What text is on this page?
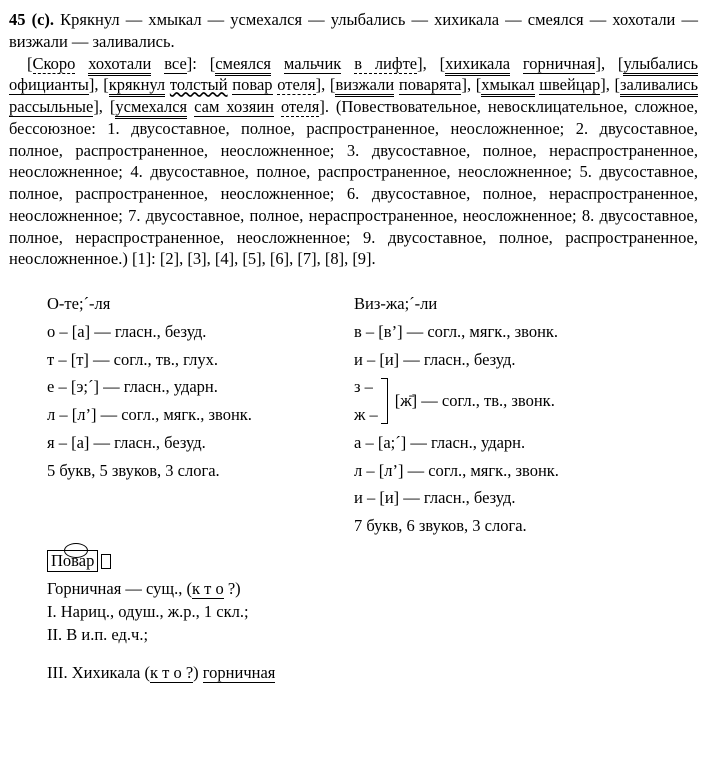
45 (с). Крякнул — хмыкал — усмехался — улыбались — хихикала — смеялся — хохотали — визжали — заливались.

[Скоро хохотали все]: [смеялся мальчик в лифте], [хихикала горничная], [улыбались официанты], [крякнул толстый повар отеля], [визжали поварята], [хмыкал швейцар], [заливались рассыльные], [усмехался сам хозяин отеля]. (Повествовательное, невосклицательное, сложное, бессоюзное: 1. двусоставное, полное, распространенное, неосложненное; 2. двусоставное, полное, распространенное, неосложненное; 3. двусоставное, полное, нераспространенное, неосложненное; 4. двусоставное, полное, распространенное, неосложненное; 5. двусоставное, полное, распространенное, неосложненное; 6. двусоставное, полное, нераспространенное, неосложненное; 7. двусоставное, полное, нераспространенное, неосложненное; 8. двусоставное, полное, нераспространенное, неосложненное; 9. двусоставное, полное, распространенное, неосложненное.) [1]: [2], [3], [4], [5], [6], [7], [8], [9].

О-те;´-ля
о – [а] — гласн., безуд.
т – [т] — согл., тв., глух.
е – [э;´] — гласн., ударн.
л – [л’] — согл., мягк., звонк.
я – [а] — гласн., безуд.
5 букв, 5 звуков, 3 слога.
Виз-жа;´-ли
в – [в’] — согл., мягк., звонк.
и – [и] — гласн., безуд.
з –
ж –
[ж̄] — согл., тв., звонк.
а – [а;´] — гласн., ударн.
л – [л’] — согл., мягк., звонк.
и – [и] — гласн., безуд.
7 букв, 6 звуков, 3 слога.
Повар
Горничная — сущ., (к т о ?)
I. Нариц., одуш., ж.р., 1 скл.;
II. В и.п. ед.ч.;
III. Хихикала (к т о ?) горничная
